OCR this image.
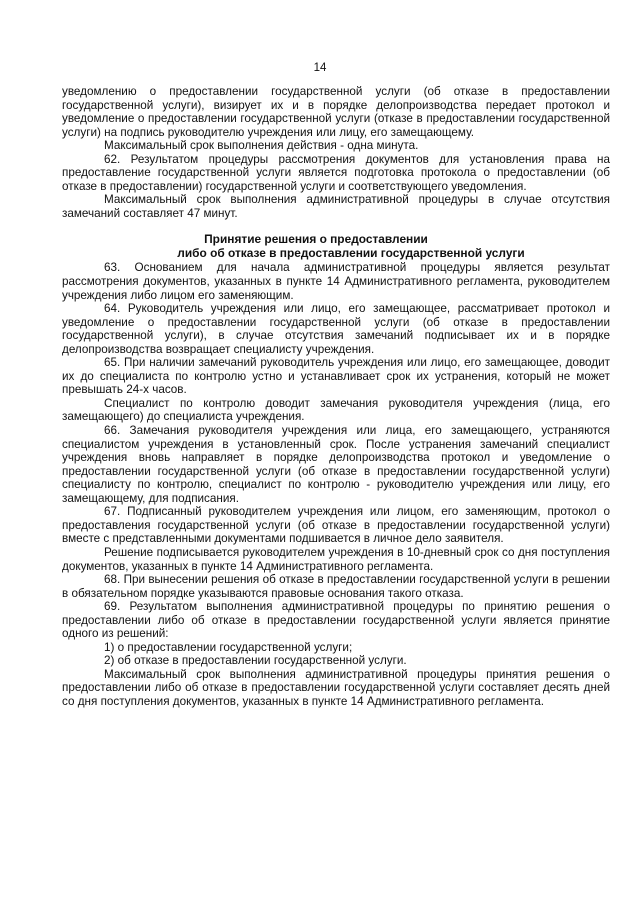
14

уведомлению о предоставлении государственной услуги (об отказе в предоставлении государственной услуги), визирует их и в порядке делопроизводства передает протокол и уведомление о предоставлении государственной услуги (отказе в предоставлении государственной услуги) на подпись руководителю учреждения или лицу, его замещающему.

Максимальный срок выполнения действия - одна минута.

62. Результатом процедуры рассмотрения документов для установления права на предоставление государственной услуги является подготовка протокола о предоставлении (об отказе в предоставлении) государственной услуги и соответствующего уведомления.

Максимальный срок выполнения административной процедуры в случае отсутствия замечаний составляет 47 минут.

Принятие решения о предоставлении
либо об отказе в предоставлении государственной услуги

63. Основанием для начала административной процедуры является результат рассмотрения документов, указанных в пункте 14 Административного регламента, руководителем учреждения либо лицом его заменяющим.

64. Руководитель учреждения или лицо, его замещающее, рассматривает протокол и уведомление о предоставлении государственной услуги (об отказе в предоставлении государственной услуги), в случае отсутствия замечаний подписывает их и в порядке делопроизводства возвращает специалисту учреждения.

65. При наличии замечаний руководитель учреждения или лицо, его замещающее, доводит их до специалиста по контролю устно и устанавливает срок их устранения, который не может превышать 24-х часов.

Специалист по контролю доводит замечания руководителя учреждения (лица, его замещающего) до специалиста учреждения.

66. Замечания руководителя учреждения или лица, его замещающего, устраняются специалистом учреждения в установленный срок. После устранения замечаний специалист учреждения вновь направляет в порядке делопроизводства протокол и уведомление о предоставлении государственной услуги (об отказе в предоставлении государственной услуги) специалисту по контролю, специалист по контролю - руководителю учреждения или лицу, его замещающему, для подписания.

67. Подписанный руководителем учреждения или лицом, его заменяющим, протокол о предоставления государственной услуги (об отказе в предоставлении государственной услуги) вместе с представленными документами подшивается в личное дело заявителя.

Решение подписывается руководителем учреждения в 10-дневный срок со дня поступления документов, указанных в пункте 14 Административного регламента.

68. При вынесении решения об отказе в предоставлении государственной услуги в решении в обязательном порядке указываются правовые основания такого отказа.

69. Результатом выполнения административной процедуры по принятию решения о предоставлении либо об отказе в предоставлении государственной услуги является принятие одного из решений:

1) о предоставлении государственной услуги;

2) об отказе в предоставлении государственной услуги.

Максимальный срок выполнения административной процедуры принятия решения о предоставлении либо об отказе в предоставлении государственной услуги составляет десять дней со дня поступления документов, указанных в пункте 14 Административного регламента.
